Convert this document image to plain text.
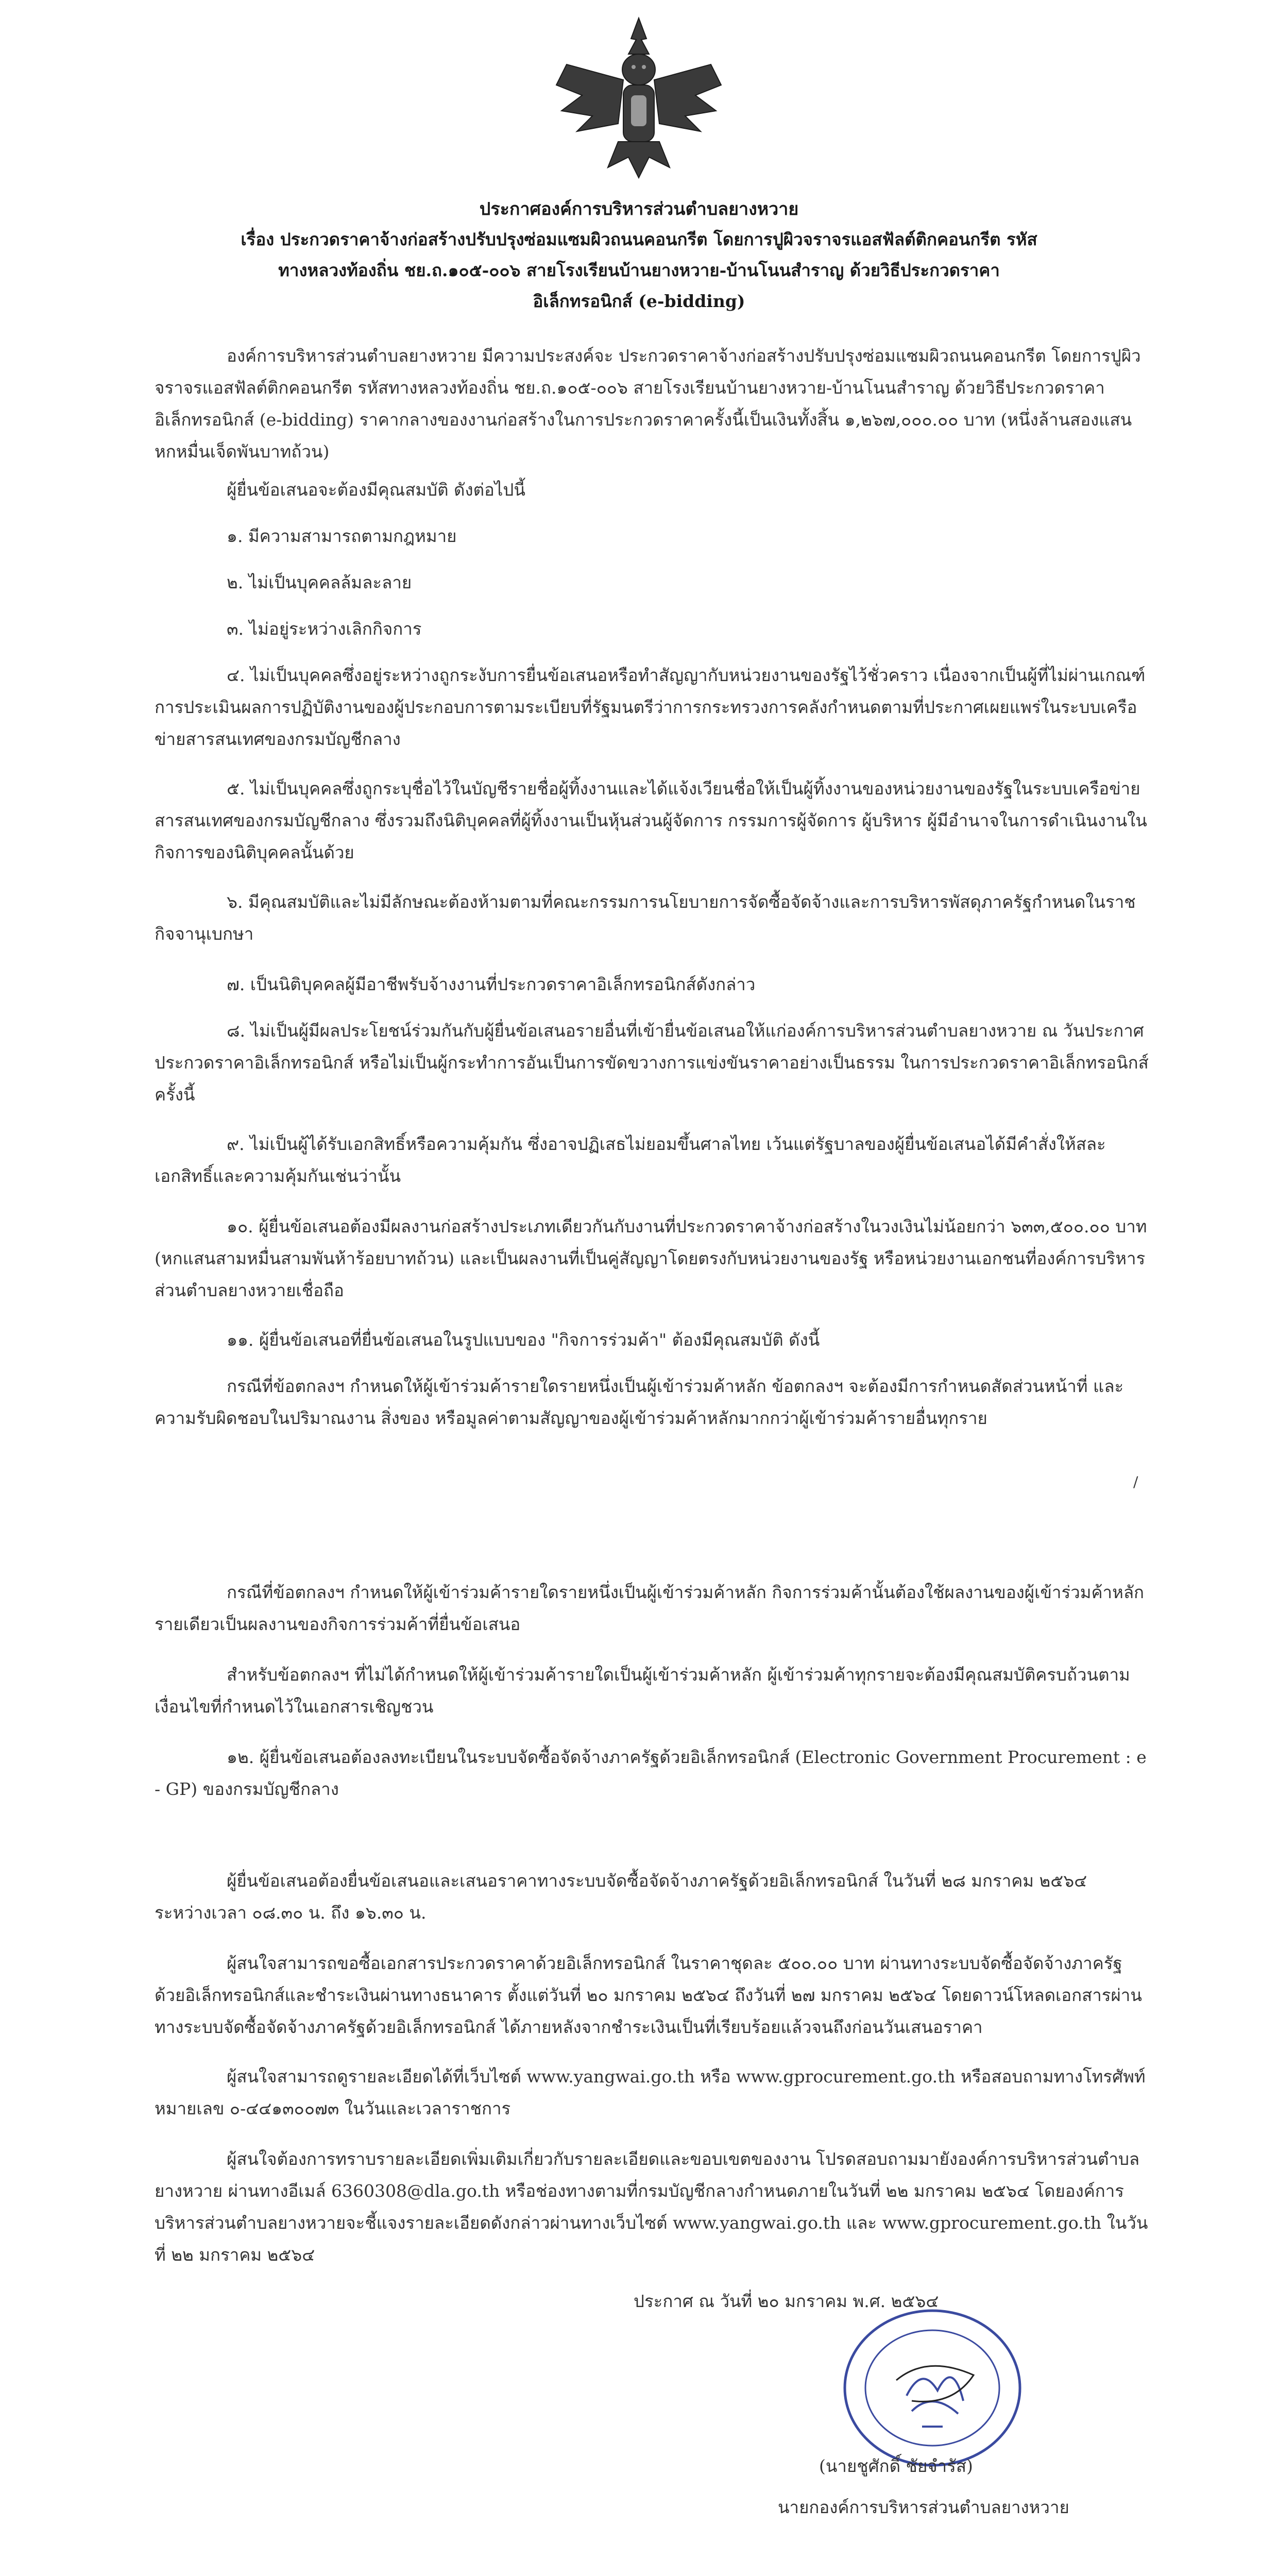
ประกาศองค์การบริหารส่วนตำบลยางหวาย
เรื่อง ประกวดราคาจ้างก่อสร้างปรับปรุงซ่อมแซมผิวถนนคอนกรีต โดยการปูผิวจราจรแอสฟัลต์ติกคอนกรีต รหัส
ทางหลวงท้องถิ่น ชย.ถ.๑๐๕-๐๐๖ สายโรงเรียนบ้านยางหวาย-บ้านโนนสำราญ ด้วยวิธีประกวดราคา
อิเล็กทรอนิกส์ (e-bidding)
องค์การบริหารส่วนตำบลยางหวาย มีความประสงค์จะ ประกวดราคาจ้างก่อสร้างปรับปรุงซ่อมแซมผิวถนนคอนกรีต โดยการปูผิวจราจรแอสฟัลต์ติกคอนกรีต รหัสทางหลวงท้องถิ่น ชย.ถ.๑๐๕-๐๐๖ สายโรงเรียนบ้านยางหวาย-บ้านโนนสำราญ ด้วยวิธีประกวดราคาอิเล็กทรอนิกส์ (e-bidding) ราคากลางของงานก่อสร้างในการประกวดราคาครั้งนี้เป็นเงินทั้งสิ้น ๑,๒๖๗,๐๐๐.๐๐ บาท (หนึ่งล้านสองแสนหกหมื่นเจ็ดพันบาทถ้วน)
ผู้ยื่นข้อเสนอจะต้องมีคุณสมบัติ ดังต่อไปนี้
๑. มีความสามารถตามกฎหมาย
๒. ไม่เป็นบุคคลล้มละลาย
๓. ไม่อยู่ระหว่างเลิกกิจการ
๔. ไม่เป็นบุคคลซึ่งอยู่ระหว่างถูกระงับการยื่นข้อเสนอหรือทำสัญญากับหน่วยงานของรัฐไว้ชั่วคราว เนื่องจากเป็นผู้ที่ไม่ผ่านเกณฑ์การประเมินผลการปฏิบัติงานของผู้ประกอบการตามระเบียบที่รัฐมนตรีว่าการกระทรวงการคลังกำหนดตามที่ประกาศเผยแพร่ในระบบเครือข่ายสารสนเทศของกรมบัญชีกลาง
๕. ไม่เป็นบุคคลซึ่งถูกระบุชื่อไว้ในบัญชีรายชื่อผู้ทิ้งงานและได้แจ้งเวียนชื่อให้เป็นผู้ทิ้งงานของหน่วยงานของรัฐในระบบเครือข่ายสารสนเทศของกรมบัญชีกลาง ซึ่งรวมถึงนิติบุคคลที่ผู้ทิ้งงานเป็นหุ้นส่วนผู้จัดการ กรรมการผู้จัดการ ผู้บริหาร ผู้มีอำนาจในการดำเนินงานในกิจการของนิติบุคคลนั้นด้วย
๖. มีคุณสมบัติและไม่มีลักษณะต้องห้ามตามที่คณะกรรมการนโยบายการจัดซื้อจัดจ้างและการบริหารพัสดุภาครัฐกำหนดในราชกิจจานุเบกษา
๗. เป็นนิติบุคคลผู้มีอาชีพรับจ้างงานที่ประกวดราคาอิเล็กทรอนิกส์ดังกล่าว
๘. ไม่เป็นผู้มีผลประโยชน์ร่วมกันกับผู้ยื่นข้อเสนอรายอื่นที่เข้ายื่นข้อเสนอให้แก่องค์การบริหารส่วนตำบลยางหวาย ณ วันประกาศประกวดราคาอิเล็กทรอนิกส์ หรือไม่เป็นผู้กระทำการอันเป็นการขัดขวางการแข่งขันราคาอย่างเป็นธรรม ในการประกวดราคาอิเล็กทรอนิกส์ครั้งนี้
๙. ไม่เป็นผู้ได้รับเอกสิทธิ์หรือความคุ้มกัน ซึ่งอาจปฏิเสธไม่ยอมขึ้นศาลไทย เว้นแต่รัฐบาลของผู้ยื่นข้อเสนอได้มีคำสั่งให้สละเอกสิทธิ์และความคุ้มกันเช่นว่านั้น
๑๐. ผู้ยื่นข้อเสนอต้องมีผลงานก่อสร้างประเภทเดียวกันกับงานที่ประกวดราคาจ้างก่อสร้างในวงเงินไม่น้อยกว่า ๖๓๓,๕๐๐.๐๐ บาท (หกแสนสามหมื่นสามพันห้าร้อยบาทถ้วน) และเป็นผลงานที่เป็นคู่สัญญาโดยตรงกับหน่วยงานของรัฐ หรือหน่วยงานเอกชนที่องค์การบริหารส่วนตำบลยางหวายเชื่อถือ
๑๑. ผู้ยื่นข้อเสนอที่ยื่นข้อเสนอในรูปแบบของ "กิจการร่วมค้า" ต้องมีคุณสมบัติ ดังนี้
กรณีที่ข้อตกลงฯ กำหนดให้ผู้เข้าร่วมค้ารายใดรายหนึ่งเป็นผู้เข้าร่วมค้าหลัก ข้อตกลงฯ จะต้องมีการกำหนดสัดส่วนหน้าที่ และความรับผิดชอบในปริมาณงาน สิ่งของ หรือมูลค่าตามสัญญาของผู้เข้าร่วมค้าหลักมากกว่าผู้เข้าร่วมค้ารายอื่นทุกราย
/
กรณีที่ข้อตกลงฯ กำหนดให้ผู้เข้าร่วมค้ารายใดรายหนึ่งเป็นผู้เข้าร่วมค้าหลัก กิจการร่วมค้านั้นต้องใช้ผลงานของผู้เข้าร่วมค้าหลักรายเดียวเป็นผลงานของกิจการร่วมค้าที่ยื่นข้อเสนอ
สำหรับข้อตกลงฯ ที่ไม่ได้กำหนดให้ผู้เข้าร่วมค้ารายใดเป็นผู้เข้าร่วมค้าหลัก ผู้เข้าร่วมค้าทุกรายจะต้องมีคุณสมบัติครบถ้วนตามเงื่อนไขที่กำหนดไว้ในเอกสารเชิญชวน
๑๒. ผู้ยื่นข้อเสนอต้องลงทะเบียนในระบบจัดซื้อจัดจ้างภาครัฐด้วยอิเล็กทรอนิกส์ (Electronic Government Procurement : e - GP) ของกรมบัญชีกลาง
ผู้ยื่นข้อเสนอต้องยื่นข้อเสนอและเสนอราคาทางระบบจัดซื้อจัดจ้างภาครัฐด้วยอิเล็กทรอนิกส์ ในวันที่ ๒๘ มกราคม ๒๕๖๔ ระหว่างเวลา ๐๘.๓๐ น. ถึง ๑๖.๓๐ น.
ผู้สนใจสามารถขอซื้อเอกสารประกวดราคาด้วยอิเล็กทรอนิกส์ ในราคาชุดละ ๕๐๐.๐๐ บาท ผ่านทางระบบจัดซื้อจัดจ้างภาครัฐด้วยอิเล็กทรอนิกส์และชำระเงินผ่านทางธนาคาร ตั้งแต่วันที่ ๒๐ มกราคม ๒๕๖๔ ถึงวันที่ ๒๗ มกราคม ๒๕๖๔ โดยดาวน์โหลดเอกสารผ่านทางระบบจัดซื้อจัดจ้างภาครัฐด้วยอิเล็กทรอนิกส์ ได้ภายหลังจากชำระเงินเป็นที่เรียบร้อยแล้วจนถึงก่อนวันเสนอราคา
ผู้สนใจสามารถดูรายละเอียดได้ที่เว็บไซต์ www.yangwai.go.th หรือ www.gprocurement.go.th หรือสอบถามทางโทรศัพท์หมายเลข ๐-๔๔๑๓๐๐๗๓ ในวันและเวลาราชการ
ผู้สนใจต้องการทราบรายละเอียดเพิ่มเติมเกี่ยวกับรายละเอียดและขอบเขตของงาน โปรดสอบถามมายังองค์การบริหารส่วนตำบลยางหวาย ผ่านทางอีเมล์ 6360308@dla.go.th หรือช่องทางตามที่กรมบัญชีกลางกำหนดภายในวันที่ ๒๒ มกราคม ๒๕๖๔ โดยองค์การบริหารส่วนตำบลยางหวายจะชี้แจงรายละเอียดดังกล่าวผ่านทางเว็บไซต์ www.yangwai.go.th และ www.gprocurement.go.th ในวันที่ ๒๒ มกราคม ๒๕๖๔
ประกาศ ณ วันที่ ๒๐ มกราคม พ.ศ. ๒๕๖๔
(นายชูศักดิ์ ชัยจำรัส)
นายกองค์การบริหารส่วนตำบลยางหวาย
